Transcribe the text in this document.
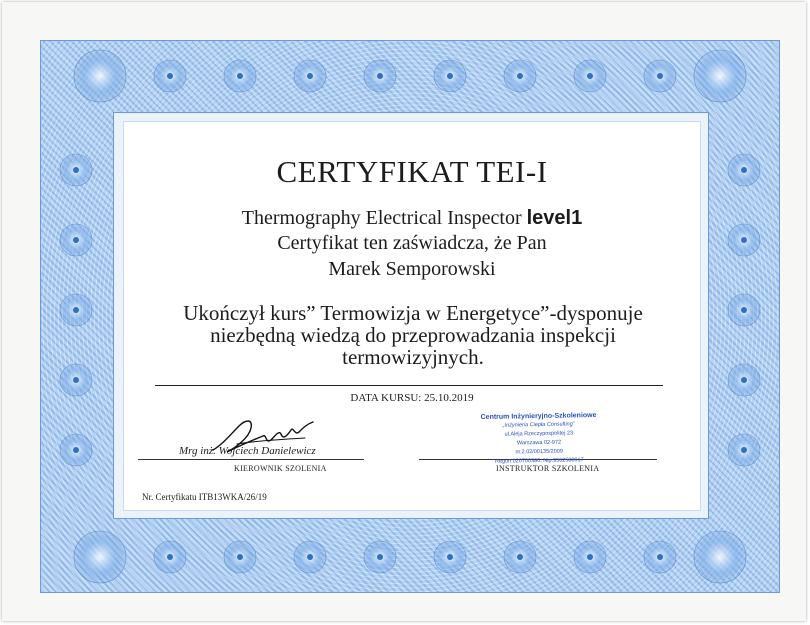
CERTYFIKAT TEI-I
Thermography Electrical Inspector level1
Certyfikat ten zaświadcza, że Pan
Marek Semporowski
Ukończył kurs” Termowizja w Energetyce”-dysponuje
niezbędną wiedzą do przeprowadzania inspekcji
termowizyjnych.
DATA KURSU: 25.10.2019
Mrg inż. Wojciech Danielewicz
KIEROWNIK SZOLENIA	INSTRUKTOR SZKOLENIA
Centrum Inżynieryjno-Szkoleniowe
„Inżynieria Ciepła Consulting”
ul.Aleja Rzeczypospolitej 23
Warszawa 02-972
nr.2.02/00135/2009
Regon:020700380, Nip:9562588917
Nr. Certyfikatu ITB13WKA/26/19
